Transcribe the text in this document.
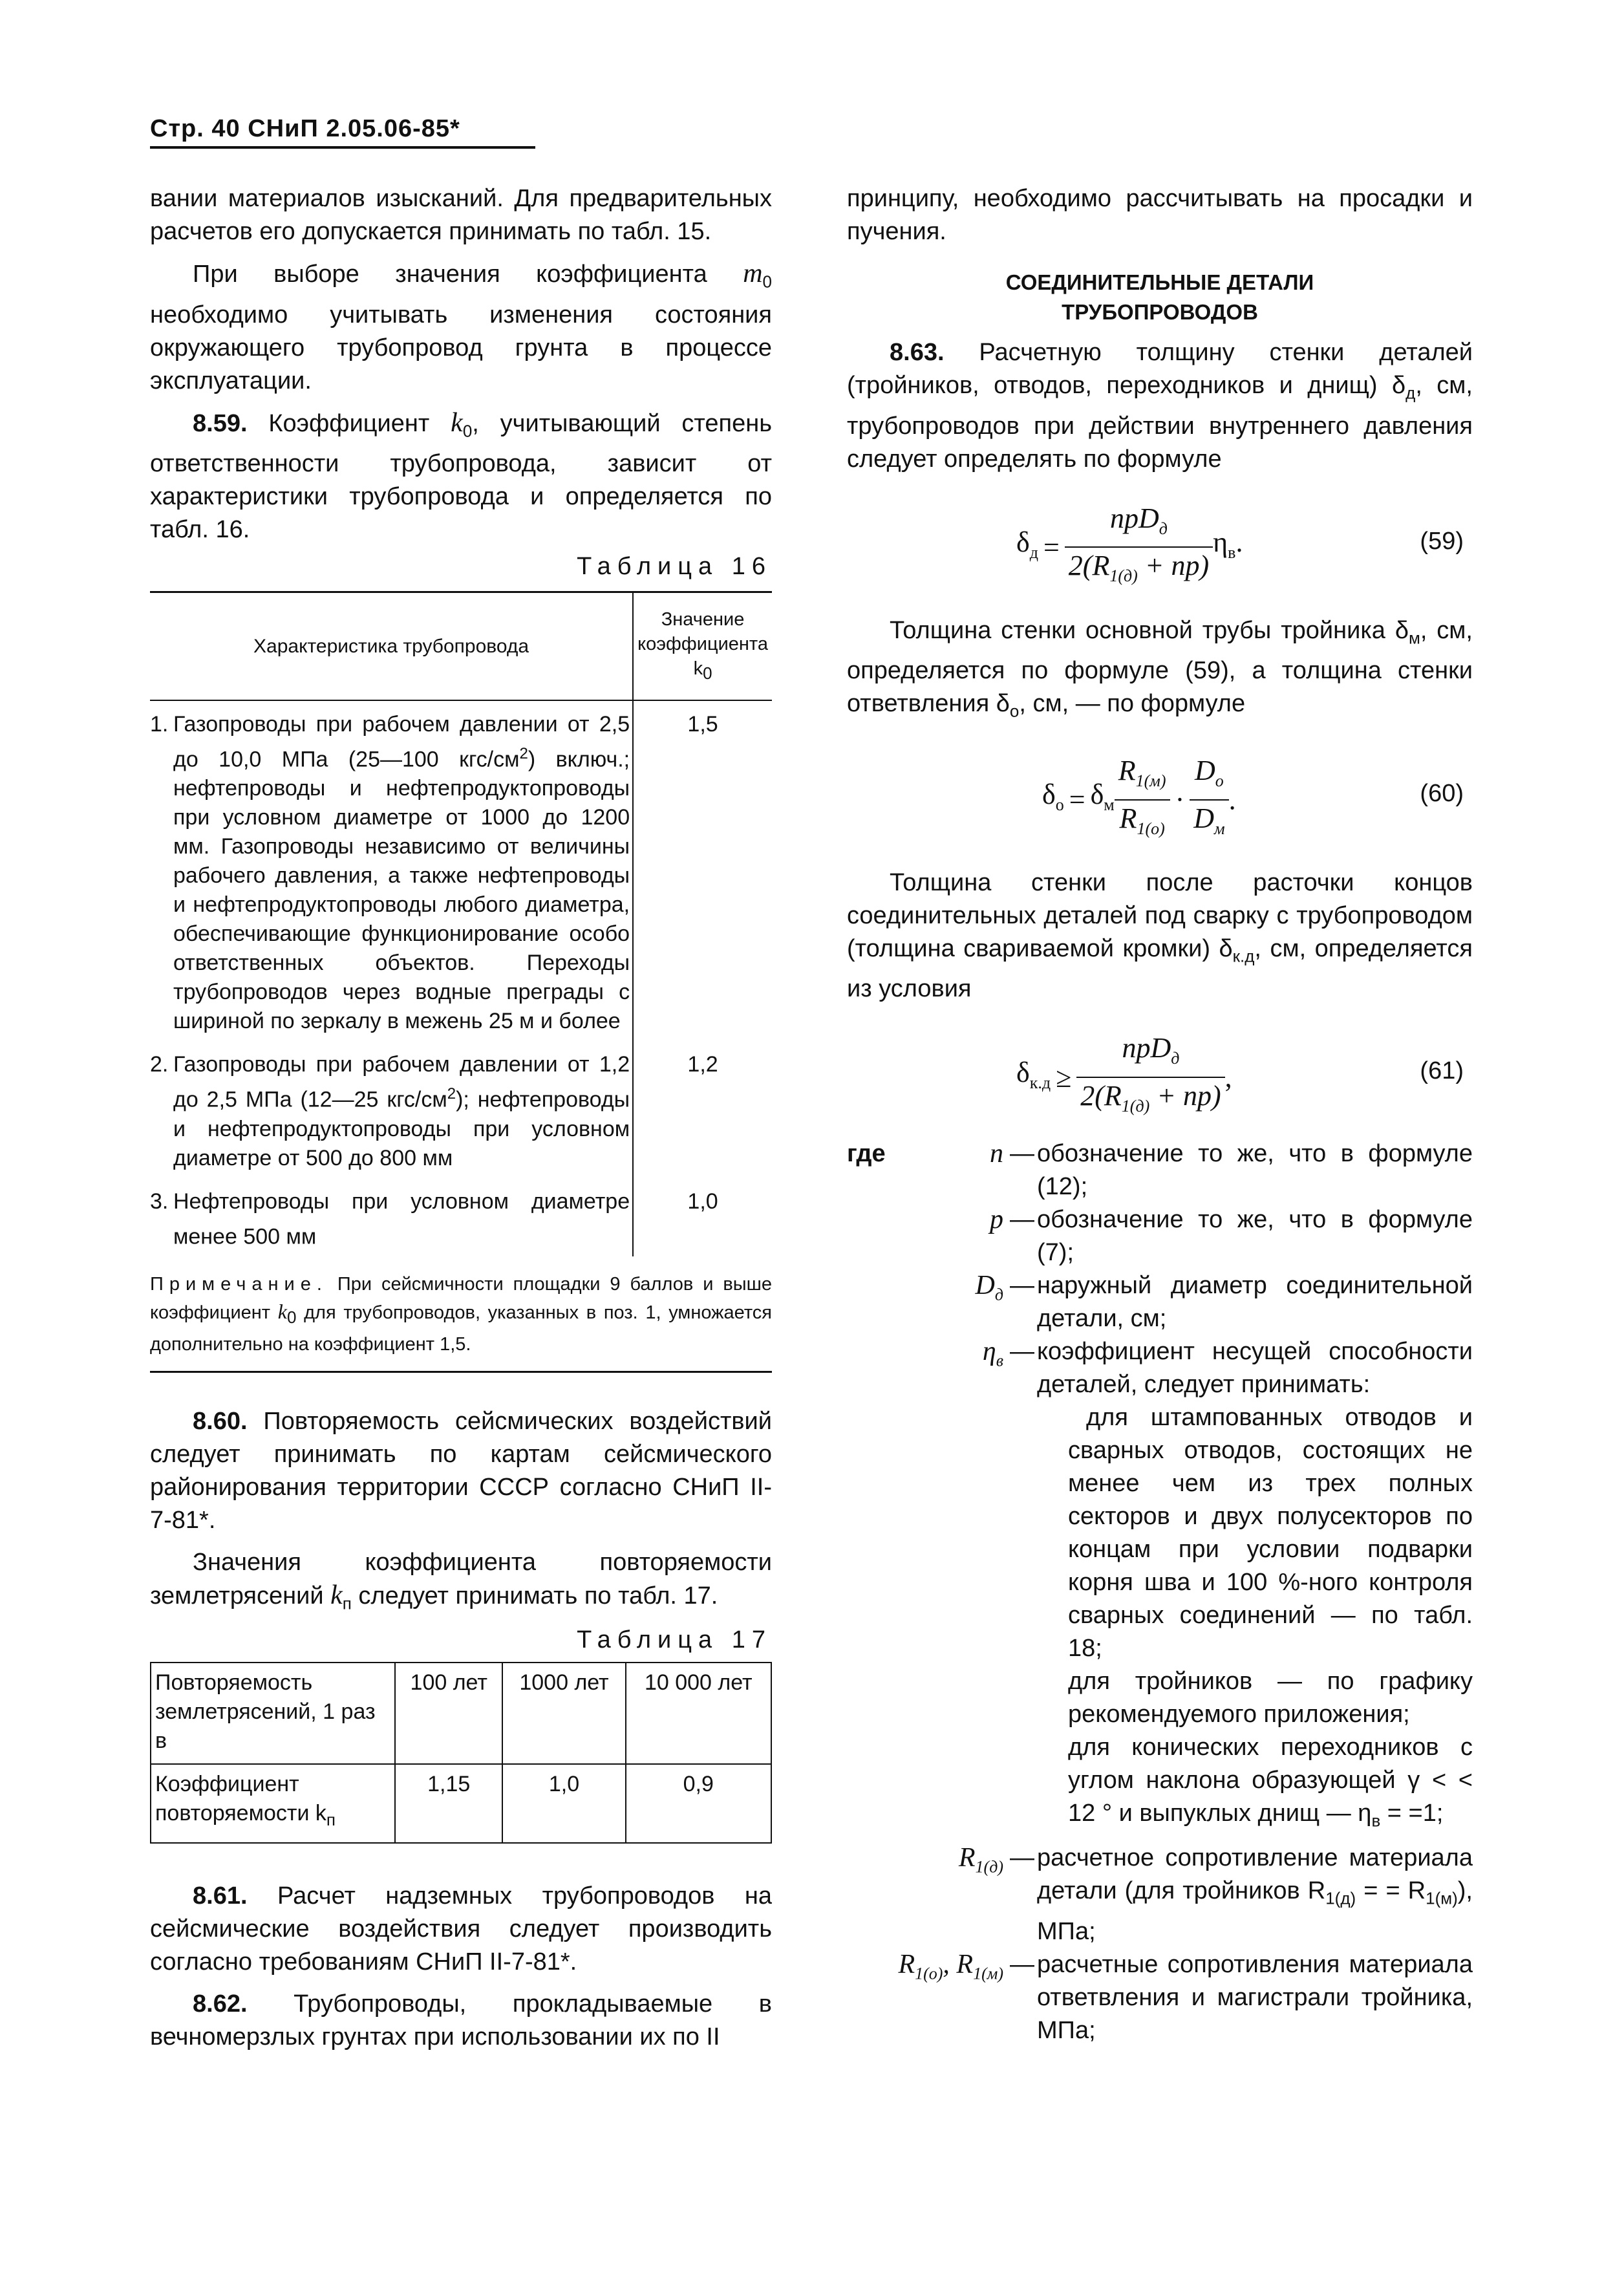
Стр. 40 СНиП 2.05.06-85*

вании материалов изысканий. Для предварительных расчетов его допускается принимать по табл. 15.

При выборе значения коэффициента $m_0$ необходимо учитывать изменения состояния окружающего трубопровод грунта в процессе эксплуатации.

8.59. Коэффициент $k_0$, учитывающий степень ответственности трубопровода, зависит от характеристики трубопровода и определяется по табл. 16.

Таблица 16
Характеристика трубопровода	Значение коэффициента $k_0$

1. Газопроводы при рабочем давлении от 2,5 до 10,0 МПа (25—100 кгс/$см^2$) включ.; нефтепроводы и нефтепродуктопроводы при условном диаметре от 1000 до 1200 мм. Газопроводы независимо от величины рабочего давления, а также нефтепроводы и нефтепродуктопроводы любого диаметра, обеспечивающие функционирование особо ответственных объектов. Переходы трубопроводов через водные преграды с шириной по зеркалу в межень 25 м и более	1,5

2. Газопроводы при рабочем давлении от 1,2 до 2,5 МПа (12—25 кгс/$см^2$); нефтепроводы и нефтепродуктопроводы при условном диаметре от 500 до 800 мм	1,2

3. Нефтепроводы при условном диаметре менее 500 мм	1,0
Примечание. При сейсмичности площадки 9 баллов и выше коэффициент $k_0$ для трубопроводов, указанных в поз. 1, умножается дополнительно на коэффициент 1,5.

8.60. Повторяемость сейсмических воздействий следует принимать по картам сейсмического районирования территории СССР согласно СНиП II-7-81*.

Значения коэффициента повторяемости землетрясений $k_п$ следует принимать по табл. 17.

Таблица 17
Повторяемость землетрясений, 1 раз в	100 лет	1000 лет	10 000 лет
Коэффициент повторяемости $k_п$	1,15	1,0	0,9

8.61. Расчет надземных трубопроводов на сейсмические воздействия следует производить согласно требованиям СНиП II-7-81*.

8.62. Трубопроводы, прокладываемые в вечномерзлых грунтах при использовании их по II

принципу, необходимо рассчитывать на просадки и пучения.

СОЕДИНИТЕЛЬНЫЕ ДЕТАЛИ
ТРУБОПРОВОДОВ

8.63. Расчетную толщину стенки деталей (тройников, отводов, переходников и днищ) $\delta_д$, см, трубопроводов при действии внутреннего давления следует определять по формуле

$\delta_д = \frac{npD_д}{2(R_{1(д)} + np)} \eta_в$.	(59)

Толщина стенки основной трубы тройника $\delta_м$, см, определяется по формуле (59), а толщина стенки ответвления $\delta_о$, см, — по формуле

$\delta_о = \delta_м \frac{R_{1(м)}}{R_{1(о)}} \cdot \frac{D_о}{D_м}$ .	(60)

Толщина стенки после расточки концов соединительных деталей под сварку с трубопроводом (толщина свариваемой кромки) $\delta_{к.д}$, см, определяется из условия

$\delta_{к.д} \ge \frac{npD_д}{2(R_{1(д)} + np)}$ ,	(61)
где	n — обозначение то же, что в формуле (12);
p — обозначение то же, что в формуле (7);
$D_д$ — наружный диаметр соединительной детали, см;
$\eta_в$ — коэффициент несущей способности деталей, следует принимать:
для штампованных отводов и сварных отводов, состоящих не менее чем из трех полных секторов и двух полусекторов по концам при условии подварки корня шва и 100 %-ного контроля сварных соединений — по табл. 18;
для тройников — по графику рекомендуемого приложения;
для конических переходников с углом наклона образующей γ < < 12 ° и выпуклых днищ — $\eta_в = =1$;
$R_{1(д)}$ — расчетное сопротивление материала детали (для тройников $R_{1(д)}$ = = $R_{1(м)}$), МПа;
$R_{1(о)}$, $R_{1(м)}$ — расчетные сопротивления материала ответвления и магистрали тройника, МПа;
